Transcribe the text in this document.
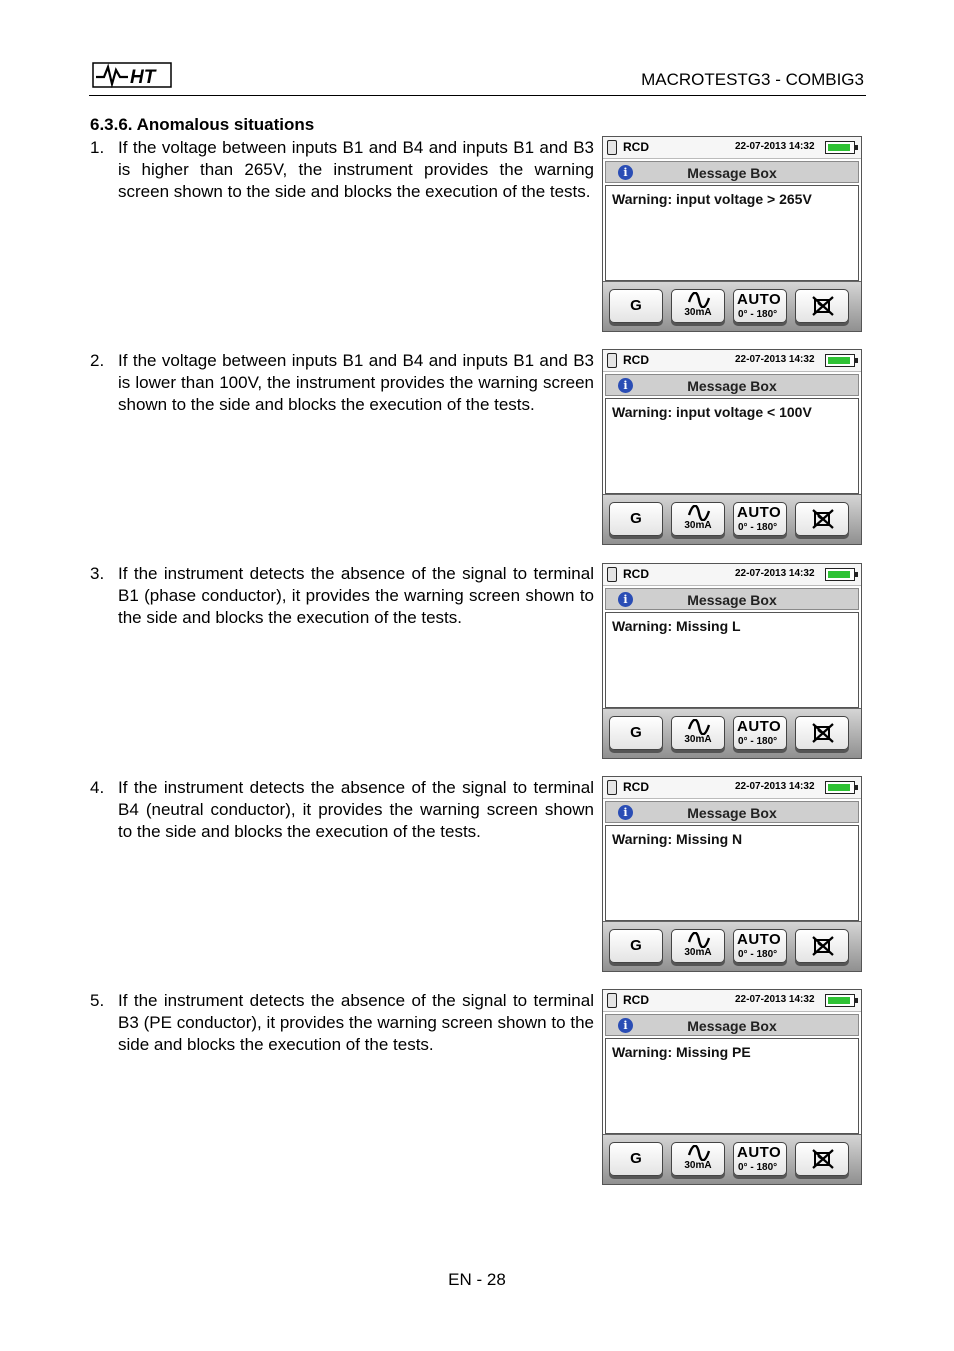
HT	MACROTESTG3 - COMBIG3
6.3.6. Anomalous situations
1. If the voltage between inputs B1 and B4 and inputs B1 and B3 is higher than 265V, the instrument provides the warning screen shown to the side and blocks the execution of the tests.

RCD	22-07-2013 14:32
i	Message Box
Warning: input voltage > 265V
G	30mA
AUTO
0° - 180°
2. If the voltage between inputs B1 and B4 and inputs B1 and B3 is lower than 100V, the instrument provides the warning screen shown to the side and blocks the execution of the tests.

RCD	22-07-2013 14:32
i	Message Box
Warning: input voltage < 100V
G	30mA
AUTO
0° - 180°
3. If the instrument detects the absence of the signal to terminal B1 (phase conductor), it provides the warning screen shown to the side and blocks the execution of the tests.

RCD	22-07-2013 14:32
i	Message Box
Warning: Missing L
G	30mA
AUTO
0° - 180°
4. If the instrument detects the absence of the signal to terminal B4 (neutral conductor), it provides the warning screen shown to the side and blocks the execution of the tests.

RCD	22-07-2013 14:32
i	Message Box
Warning: Missing N
G	30mA
AUTO
0° - 180°
5. If the instrument detects the absence of the signal to terminal B3 (PE conductor), it provides the warning screen shown to the side and blocks the execution of the tests.

RCD	22-07-2013 14:32
i	Message Box
Warning: Missing PE
G	30mA
AUTO
0° - 180°
EN - 28
